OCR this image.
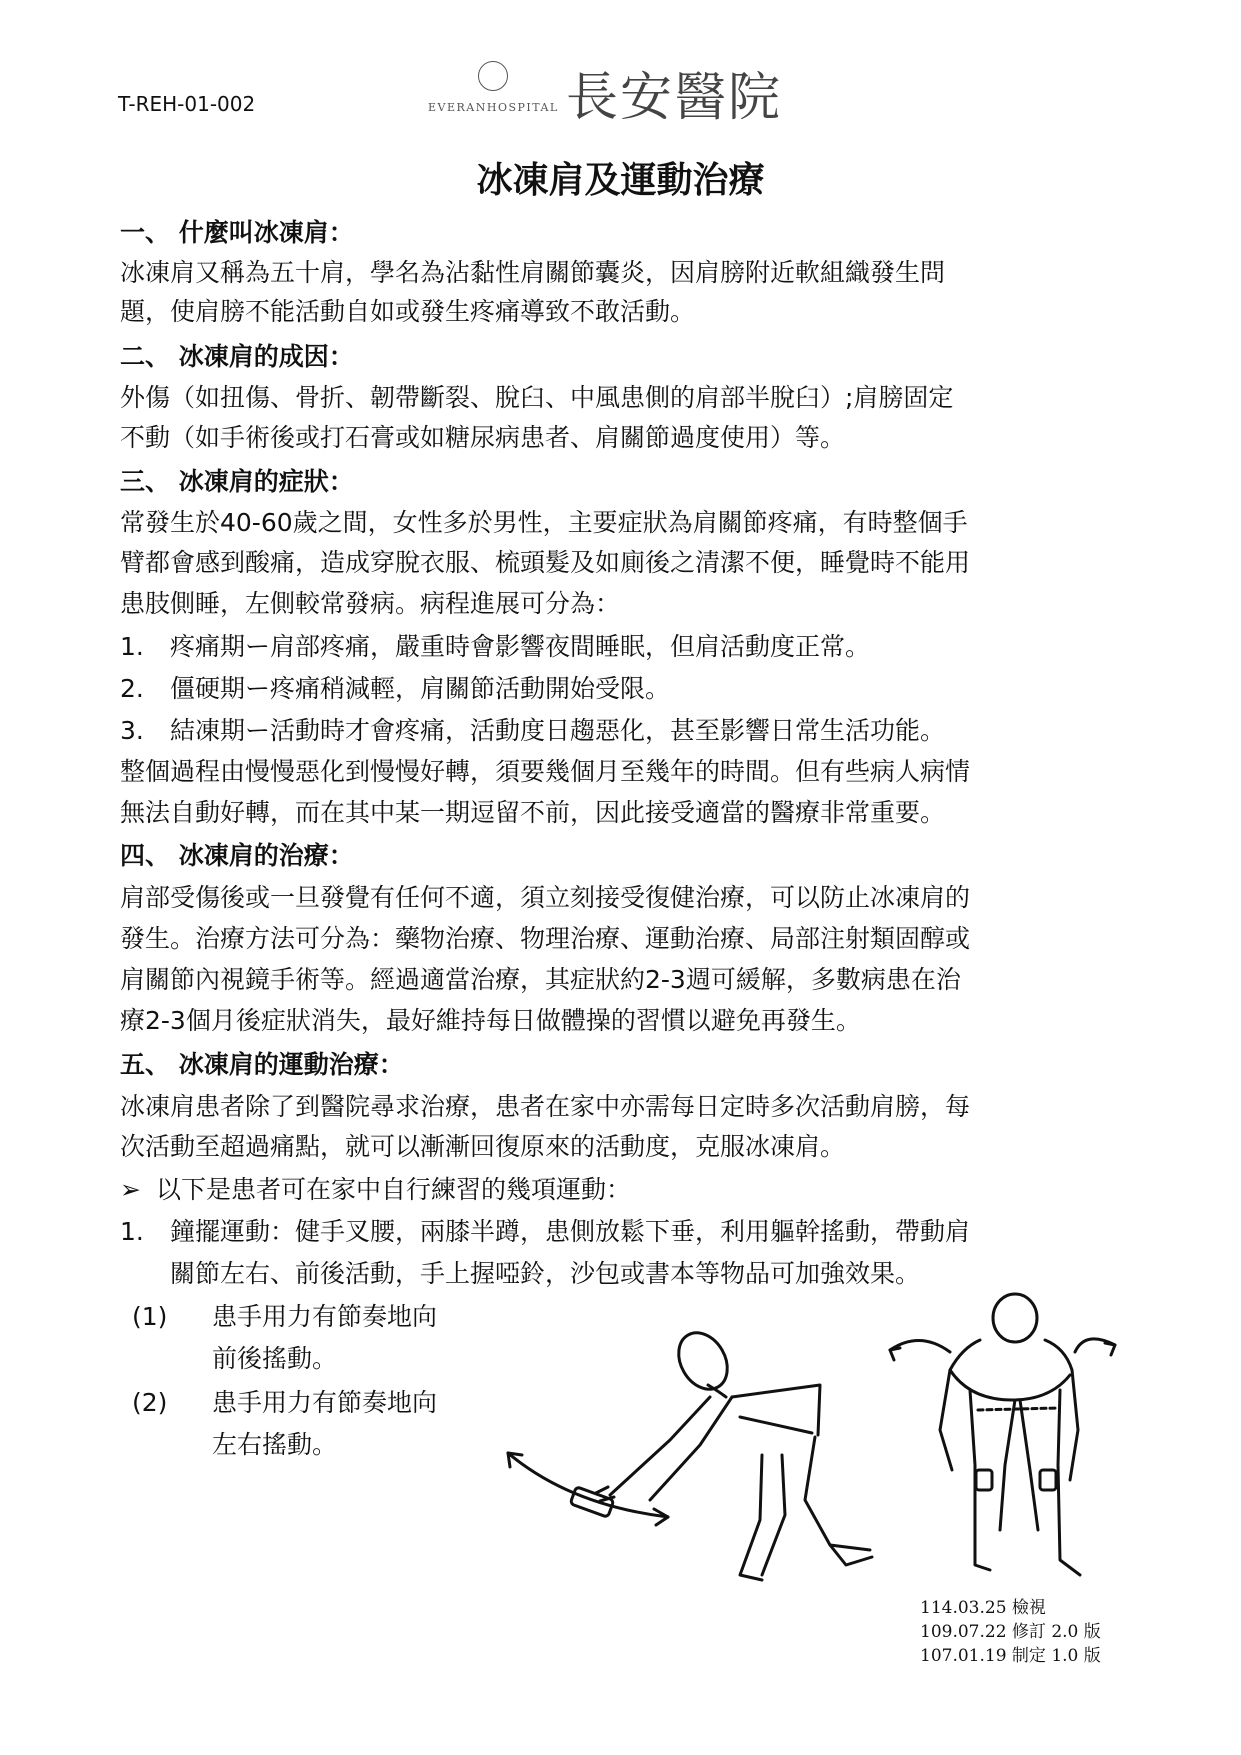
T-REH-01-002	EVERANHOSPITAL 長安醫院
冰凍肩及運動治療
一、 什麼叫冰凍肩：
冰凍肩又稱為五十肩，學名為沾黏性肩關節囊炎，因肩膀附近軟組織發生問
題，使肩膀不能活動自如或發生疼痛導致不敢活動。
二、 冰凍肩的成因：
外傷（如扭傷、骨折、韌帶斷裂、脫臼、中風患側的肩部半脫臼）;肩膀固定
不動（如手術後或打石膏或如糖尿病患者、肩關節過度使用）等。
三、 冰凍肩的症狀：
常發生於40-60歲之間，女性多於男性，主要症狀為肩關節疼痛，有時整個手
臂都會感到酸痛，造成穿脫衣服、梳頭髮及如廁後之清潔不便，睡覺時不能用
患肢側睡，左側較常發病。病程進展可分為：
1. 疼痛期ー肩部疼痛，嚴重時會影響夜間睡眠，但肩活動度正常。
2. 僵硬期ー疼痛稍減輕，肩關節活動開始受限。
3. 結凍期ー活動時才會疼痛，活動度日趨惡化，甚至影響日常生活功能。
整個過程由慢慢惡化到慢慢好轉，須要幾個月至幾年的時間。但有些病人病情
無法自動好轉，而在其中某一期逗留不前，因此接受適當的醫療非常重要。
四、 冰凍肩的治療：
肩部受傷後或一旦發覺有任何不適，須立刻接受復健治療，可以防止冰凍肩的
發生。治療方法可分為：藥物治療、物理治療、運動治療、局部注射類固醇或
肩關節內視鏡手術等。經過適當治療，其症狀約2-3週可緩解，多數病患在治
療2-3個月後症狀消失，最好維持每日做體操的習慣以避免再發生。
五、 冰凍肩的運動治療：
冰凍肩患者除了到醫院尋求治療，患者在家中亦需每日定時多次活動肩膀，每
次活動至超過痛點，就可以漸漸回復原來的活動度，克服冰凍肩。
➢ 以下是患者可在家中自行練習的幾項運動：
1. 鐘擺運動：健手叉腰，兩膝半蹲，患側放鬆下垂，利用軀幹搖動，帶動肩
關節左右、前後活動，手上握啞鈴，沙包或書本等物品可加強效果。
(1) 患手用力有節奏地向
前後搖動。
(2) 患手用力有節奏地向
左右搖動。
114.03.25 檢視
109.07.22 修訂 2.0 版
107.01.19 制定 1.0 版
